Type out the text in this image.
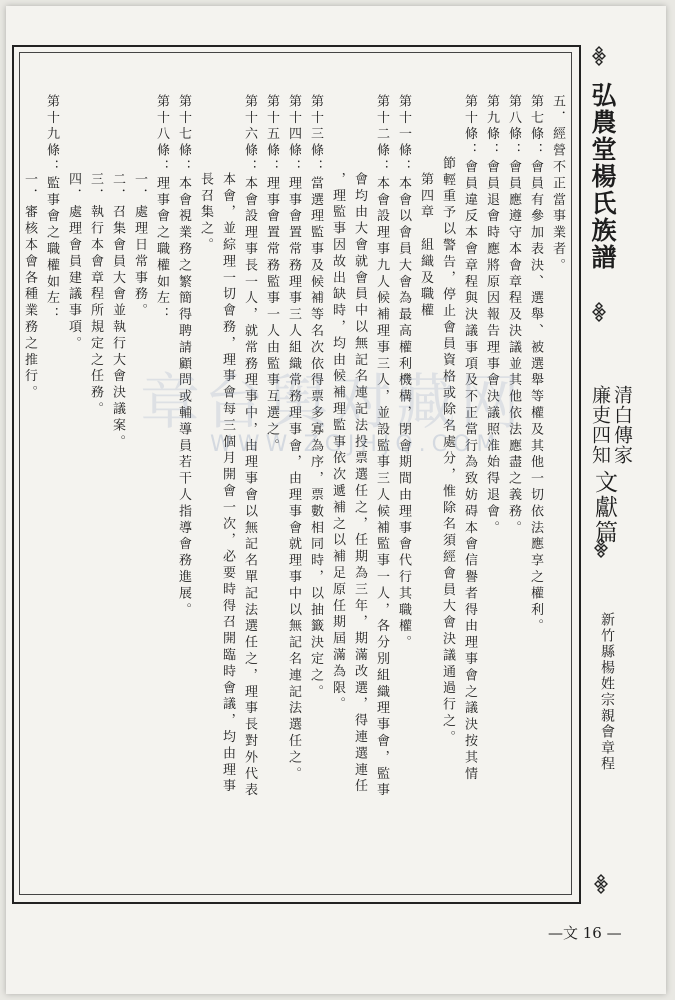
弘農堂楊氏族譜
廉吏四知 清白傳家
文獻篇
新竹縣楊姓宗親會章程
五．經營不正當事業者。
第七條：會員有參加表決、選舉、被選舉等權及其他一切依法應享之權利。
第八條：會員應遵守本會章程及決議並其他依法應盡之義務。
第九條：會員退會時應將原因報告理事會決議照准始得退會。
第十條：會員違反本會章程與決議事項及不正當行為致妨碍本會信譽者得由理事會之議決按其情
節輕重予以警告，停止會員資格或除名處分，惟除名須經會員大會決議通過行之。
第四章　組織及職權
第十一條：本會以會員大會為最高權利機構，閉會期間由理事會代行其職權。
第十二條：本會設理事九人候補理事三人，並設監事三人候補監事一人，各分別組織理事會，監事
會均由大會就會員中以無記名連記法投票選任之，任期為三年，期滿改選，得連選連任
，理監事因故出缺時，均由候補理監事依次遞補之以補足原任期屆滿為限。
第十三條：當選理監事及候補等名次依得票多寡為序，票數相同時，以抽籤決定之。
第十四條：理事會置常務理事三人組織常務理事會，由理事會就理事中以無記名連記法選任之。
第十五條：理事會置常務監事一人由監事互選之。
第十六條：本會設理事長一人，就常務理事中，由理事會以無記名單記法選任之，理事長對外代表
本會，並綜理一切會務，理事會每三個月開會一次，必要時得召開臨時會議，均由理事
長召集之。
第十七條：本會視業務之繁簡得聘請顧問或輔導員若干人指導會務進展。
第十八條：理事會之職權如左：
一．處理日常事務。
二．召集會員大會並執行大會決議案。
三．執行本會章程所規定之任務。
四．處理會員建議事項。
第十九條：監事會之職權如左：
一．審核本會各種業務之推行。
章台舆对藏网
WWW.ZGJHJQ.COM
—文 16 —
